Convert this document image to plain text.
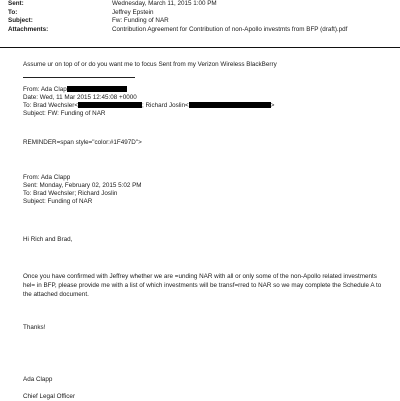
Sent:	Wednesday, March 11, 2015 1:00 PM
To:	Jeffrey Epstein
Subject:	Fw: Funding of NAR
Attachments:	Contribution Agreement for Contribution of non-Apollo investmts from BFP (draft).pdf
Assume ur on top of or do you want me to focus Sent from my Verizon Wireless BlackBerry
From: Ada Clap
Date: Wed, 11 Mar 2015 12:45:08 +0000
To: Brad Wechsler<	; Richard Joslin<	>
Subject: FW: Funding of NAR
REMINDER=span style="color:#1F497D">
From: Ada Clapp
Sent: Monday, February 02, 2015 5:02 PM
To: Brad Wechsler; Richard Joslin
Subject: Funding of NAR
Hi Rich and Brad,
Once you have confirmed with Jeffrey whether we are =unding NAR with all or only some of the non-Apollo related investments hel= in BFP, please provide me with a list of which investments will be transf=rred to NAR so we may complete the Schedule A to the attached document.
Thanks!
Ada Clapp
Chief Legal Officer
